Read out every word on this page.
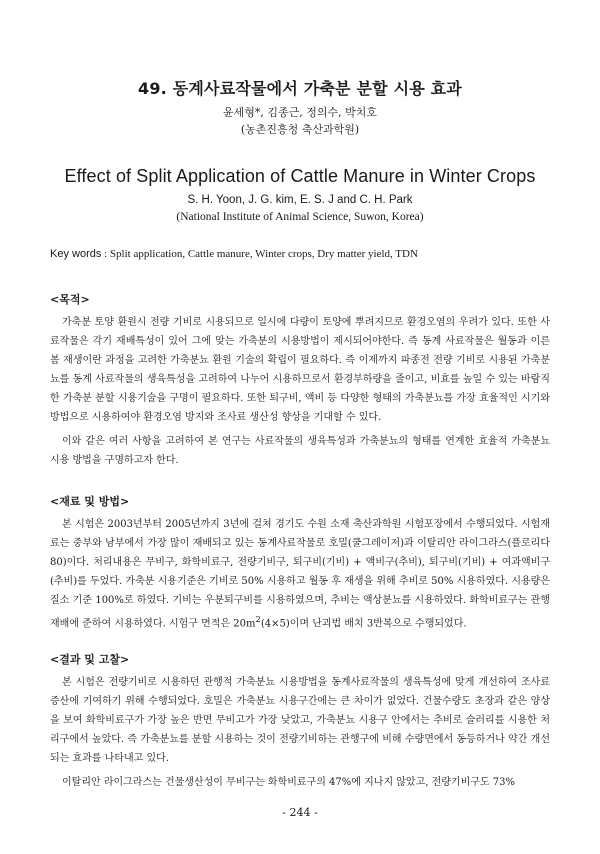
49. 동계사료작물에서 가축분 분할 시용 효과
윤세형*, 김종근, 정의수, 박치호
(농촌진흥청 축산과학원)
Effect of Split Application of Cattle Manure in Winter Crops
S. H. Yoon, J. G. kim, E. S. J and C. H. Park
(National Institute of Animal Science, Suwon, Korea)
Key words : Split application, Cattle manure, Winter crops, Dry matter yield, TDN
<목적>

가축분 토양 환원시 전량 기비로 시용되므로 일시에 다량이 토양에 뿌려지므로 환경오염의 우려가 있다. 또한 사료작물은 각기 재배특성이 있어 그에 맞는 가축분의 시용방법이 제시되어야한다. 즉 동계 사료작물은 월동과 이른 봄 재생이란 과정을 고려한 가축분뇨 환원 기술의 확립이 필요하다. 즉 이제까지 파종전 전량 기비로 시용된 가축분뇨를 동계 사료작물의 생육특성을 고려하여 나누어 시용하므로서 환경부하량을 줄이고, 비효를 높일 수 있는 바람직한 가축분 분할 시용기술을 구명이 필요하다. 또한 퇴구비, 액비 등 다양한 형태의 가축분뇨를 가장 효율적인 시기와 방법으로 시용하여야 환경오염 방지와 조사료 생산성 향상을 기대할 수 있다.

이와 같은 여러 사항을 고려하여 본 연구는 사료작물의 생육특성과 가축분뇨의 형태를 연계한 효율적 가축분뇨 시용 방법을 구명하고자 한다.

<재료 및 방법>

본 시험은 2003년부터 2005년까지 3년에 걸쳐 경기도 수원 소재 축산과학원 시험포장에서 수행되었다. 시험재료는 중부와 남부에서 가장 많이 재배되고 있는 동계사료작물로 호밀(쿨그레이저)과 이탈리안 라이그라스(플로리다80)이다. 처리내용은 무비구, 화학비료구, 전량기비구, 퇴구비(기비) + 액비구(추비), 퇴구비(기비) + 여과액비구(추비)를 두었다. 가축분 시용기준은 기비로 50% 시용하고 월동 후 재생을 위해 추비로 50% 시용하였다. 시용량은 질소 기준 100%로 하였다. 기비는 우분퇴구비를 시용하였으며, 추비는 액상분뇨를 시용하였다. 화학비료구는 관행재배에 준하여 시용하였다. 시험구 면적은 $20m^2(4\times 5)$이며 난괴법 배치 3반복으로 수행되었다.

<결과 및 고찰>

본 시험은 전량기비로 시용하던 관행적 가축분뇨 시용방법을 동계사료작물의 생육특성에 맞게 개선하여 조사료 증산에 기여하기 위해 수행되었다. 호밀은 가축분뇨 시용구간에는 큰 차이가 없었다. 건물수량도 초장과 같은 양상을 보여 화학비료구가 가장 높은 반면 무비고가 가장 낮았고, 가축분뇨 시용구 안에서는 추비로 슬러리를 시용한 처리구에서 높았다. 즉 가축분뇨를 분할 시용하는 것이 전량기비하는 관행구에 비해 수량면에서 동등하거나 약간 개선되는 효과를 나타내고 있다.

이탈리안 라이그라스는 건물생산성이 무비구는 화학비료구의 47%에 지나지 않았고, 전량기비구도 73%

- 244 -
